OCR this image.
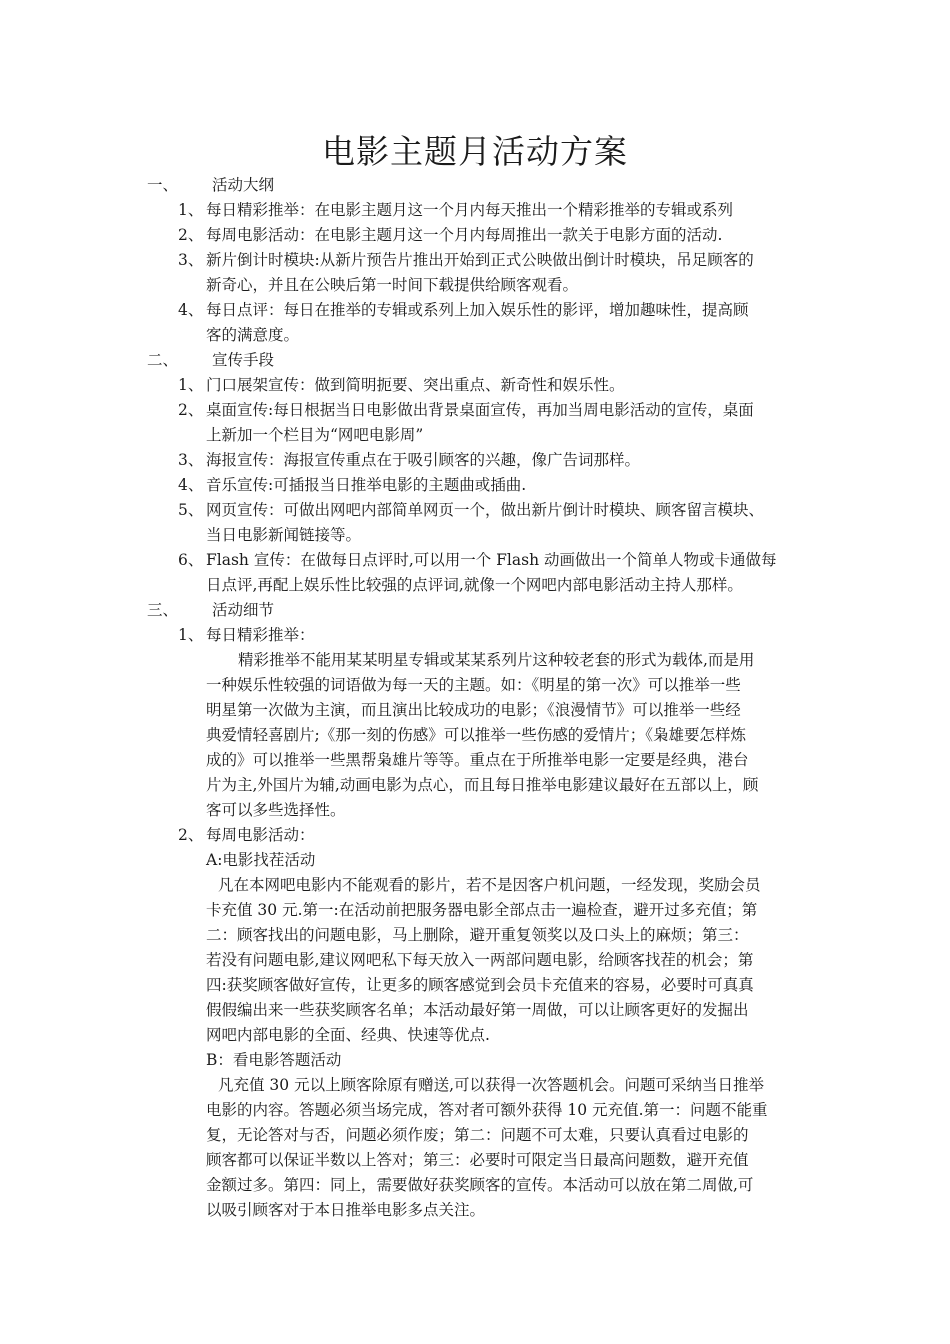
电影主题月活动方案
一、 活动大纲
1、 每日精彩推举：在电影主题月这一个月内每天推出一个精彩推举的专辑或系列
2、 每周电影活动：在电影主题月这一个月内每周推出一款关于电影方面的活动.
3、 新片倒计时模块:从新片预告片推出开始到正式公映做出倒计时模块，吊足顾客的
新奇心，并且在公映后第一时间下载提供给顾客观看。
4、 每日点评：每日在推举的专辑或系列上加入娱乐性的影评，增加趣味性，提高顾
客的满意度。
二、 宣传手段
1、 门口展架宣传：做到简明扼要、突出重点、新奇性和娱乐性。
2、 桌面宣传:每日根据当日电影做出背景桌面宣传，再加当周电影活动的宣传，桌面
上新加一个栏目为“网吧电影周”
3、 海报宣传：海报宣传重点在于吸引顾客的兴趣，像广告词那样。
4、 音乐宣传:可插报当日推举电影的主题曲或插曲.
5、 网页宣传：可做出网吧内部简单网页一个，做出新片倒计时模块、顾客留言模块、
当日电影新闻链接等。
6、 Flash 宣传：在做每日点评时,可以用一个 Flash 动画做出一个简单人物或卡通做每
日点评,再配上娱乐性比较强的点评词,就像一个网吧内部电影活动主持人那样。
三、 活动细节
1、 每日精彩推举：
精彩推举不能用某某明星专辑或某某系列片这种较老套的形式为载体,而是用
一种娱乐性较强的词语做为每一天的主题。如：《明星的第一次》可以推举一些
明星第一次做为主演，而且演出比较成功的电影；《浪漫情节》可以推举一些经
典爱情轻喜剧片;《那一刻的伤感》可以推举一些伤感的爱情片；《枭雄要怎样炼
成的》可以推举一些黑帮枭雄片等等。重点在于所推举电影一定要是经典，港台
片为主,外国片为辅,动画电影为点心，而且每日推举电影建议最好在五部以上，顾
客可以多些选择性。
2、 每周电影活动：
A:电影找茬活动
凡在本网吧电影内不能观看的影片，若不是因客户机问题，一经发现，奖励会员
卡充值 30 元.第一:在活动前把服务器电影全部点击一遍检查，避开过多充值；第
二：顾客找出的问题电影，马上删除，避开重复领奖以及口头上的麻烦；第三：
若没有问题电影,建议网吧私下每天放入一两部问题电影，给顾客找茬的机会；第
四:获奖顾客做好宣传，让更多的顾客感觉到会员卡充值来的容易，必要时可真真
假假编出来一些获奖顾客名单；本活动最好第一周做，可以让顾客更好的发掘出
网吧内部电影的全面、经典、快速等优点.
B：看电影答题活动
凡充值 30 元以上顾客除原有赠送,可以获得一次答题机会。问题可采纳当日推举
电影的内容。答题必须当场完成，答对者可额外获得 10 元充值.第一：问题不能重
复，无论答对与否，问题必须作废；第二：问题不可太难，只要认真看过电影的
顾客都可以保证半数以上答对；第三：必要时可限定当日最高问题数，避开充值
金额过多。第四：同上，需要做好获奖顾客的宣传。本活动可以放在第二周做,可
以吸引顾客对于本日推举电影多点关注。
